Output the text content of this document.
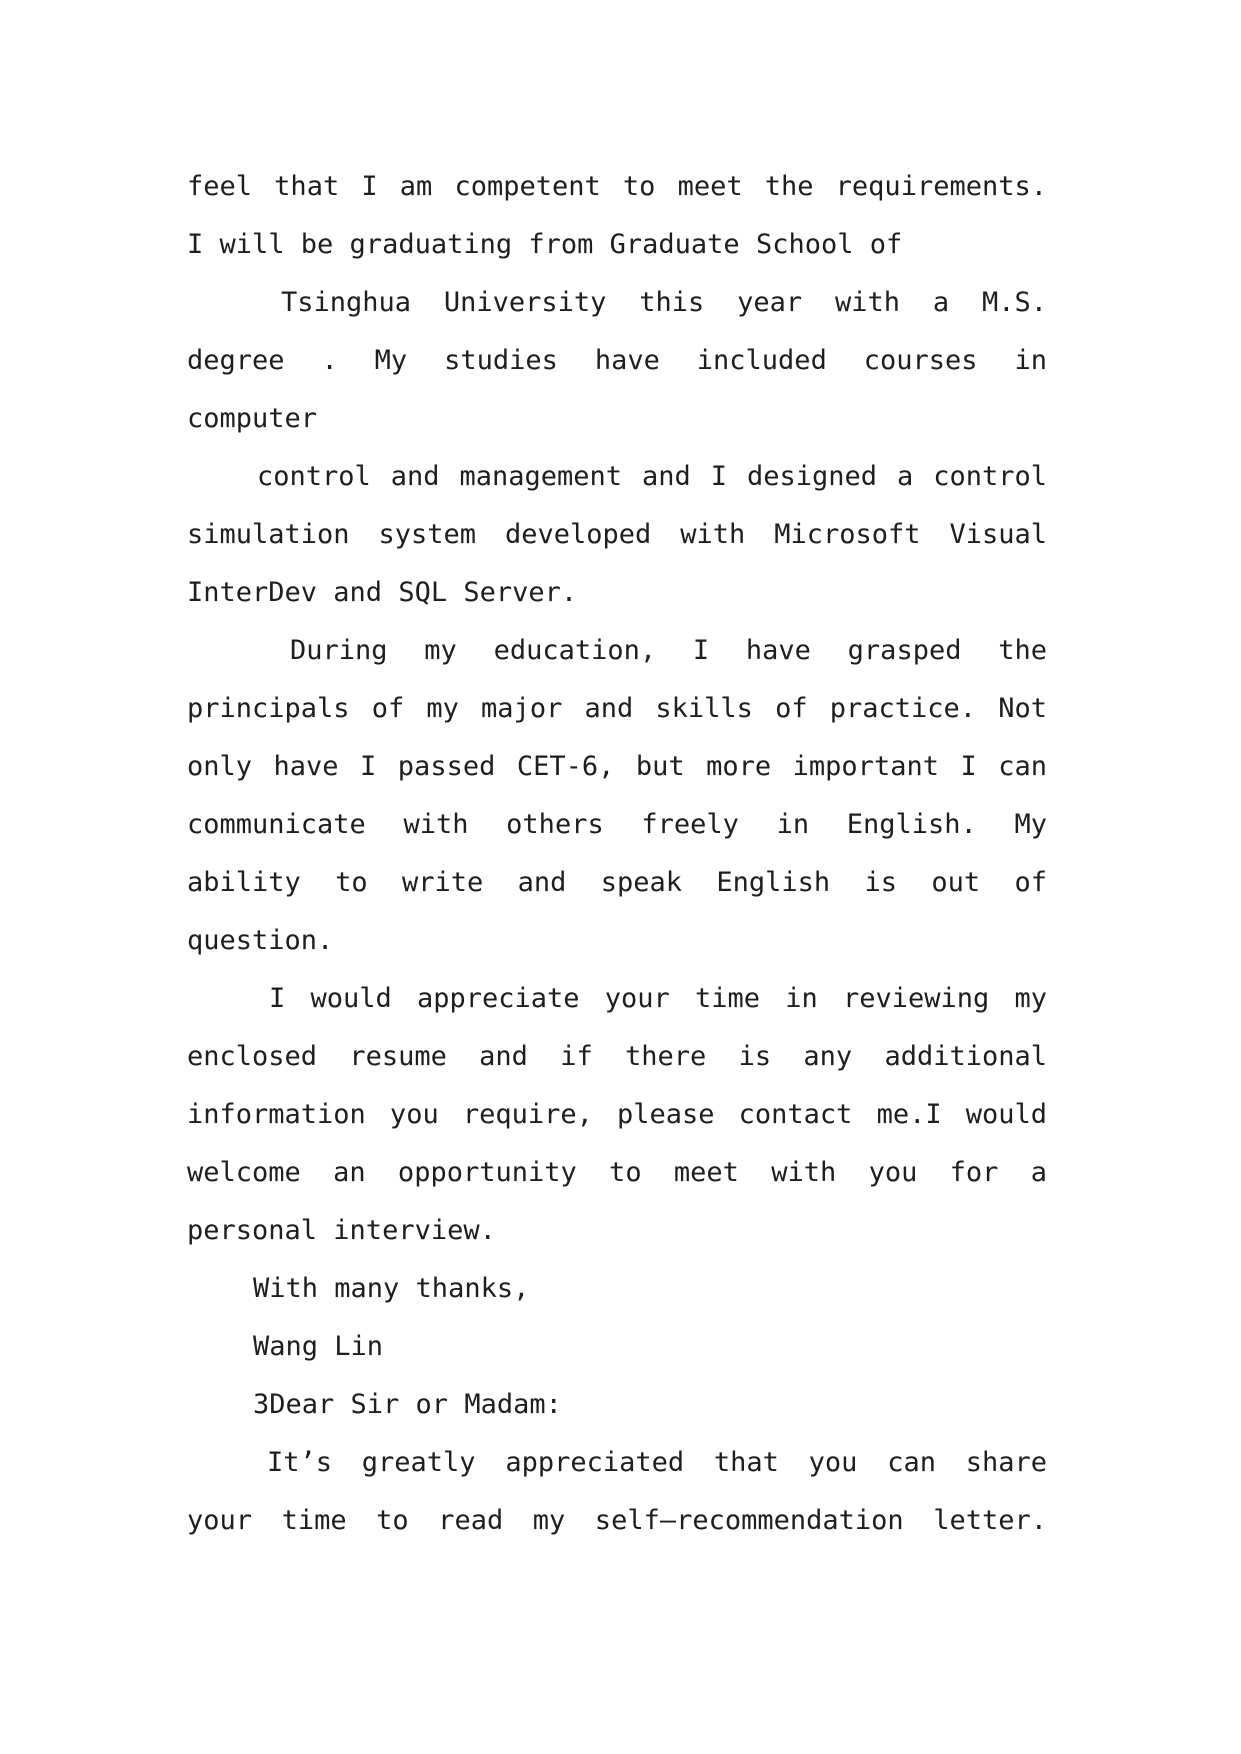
feel that I am competent to meet the requirements.
I will be graduating from Graduate School of
Tsinghua University this year with a M.S.
degree . My studies have included courses in
computer
control and management and I designed a control
simulation system developed with Microsoft Visual
InterDev and SQL Server.
During my education, I have grasped the
principals of my major and skills of practice. Not
only have I passed CET-6, but more important I can
communicate with others freely in English. My
ability to write and speak English is out of
question.
I would appreciate your time in reviewing my
enclosed resume and if there is any additional
information you require, please contact me.I would
welcome an opportunity to meet with you for a
personal interview.
With many thanks,
Wang Lin
3Dear Sir or Madam:
It’s greatly appreciated that you can share
your time to read my self—recommendation letter.
